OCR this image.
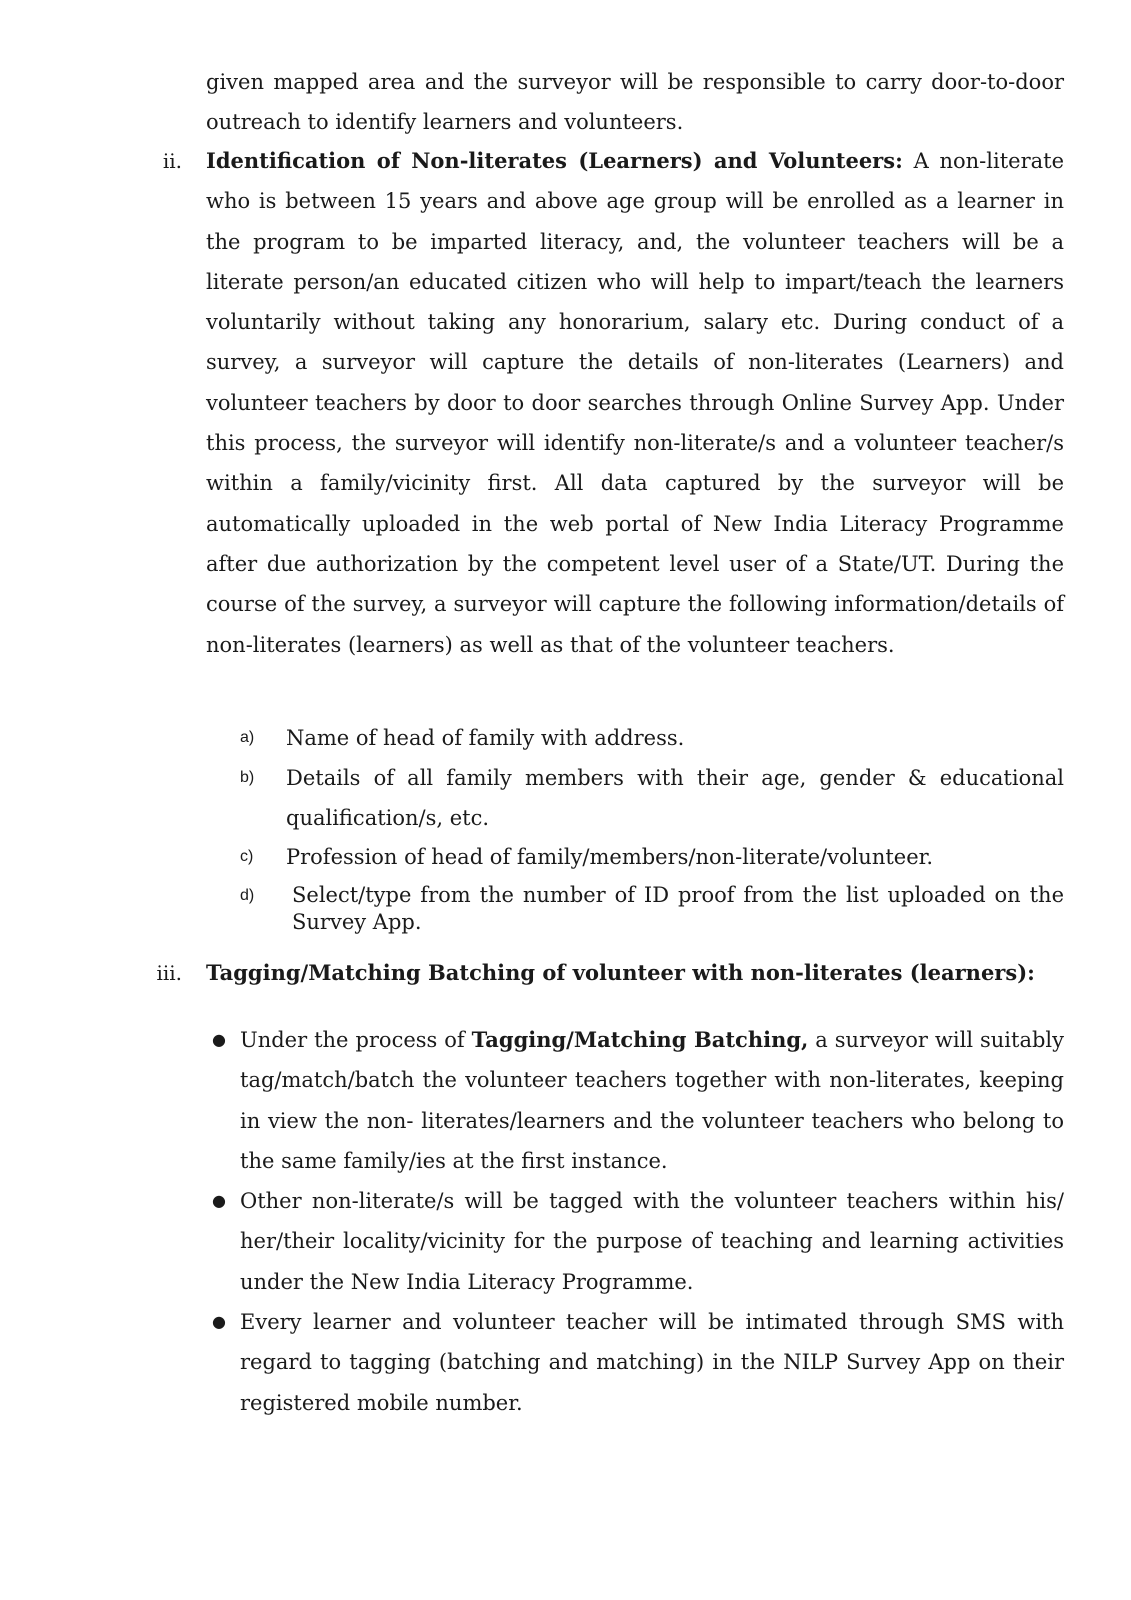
given mapped area and the surveyor will be responsible to carry door-to-door outreach to identify learners and volunteers.

ii. Identification of Non-literates (Learners) and Volunteers: A non-literate who is between 15 years and above age group will be enrolled as a learner in the program to be imparted literacy, and, the volunteer teachers will be a literate person/an educated citizen who will help to impart/teach the learners voluntarily without taking any honorarium, salary etc. During conduct of a survey, a surveyor will capture the details of non-literates (Learners) and volunteer teachers by door to door searches through Online Survey App. Under this process, the surveyor will identify non-literate/s and a volunteer teacher/s within a family/vicinity first. All data captured by the surveyor will be automatically uploaded in the web portal of New India Literacy Programme after due authorization by the competent level user of a State/UT. During the course of the survey, a surveyor will capture the following information/details of non-literates (learners) as well as that of the volunteer teachers.

a) Name of head of family with address.

b) Details of all family members with their age, gender & educational qualification/s, etc.

c) Profession of head of family/members/non-literate/volunteer.

d) Select/type from the number of ID proof from the list uploaded on the Survey App.

iii. Tagging/Matching Batching of volunteer with non-literates (learners):

● Under the process of Tagging/Matching Batching, a surveyor will suitably tag/match/batch the volunteer teachers together with non-literates, keeping in view the non- literates/learners and the volunteer teachers who belong to the same family/ies at the first instance.

● Other non-literate/s will be tagged with the volunteer teachers within his/ her/their locality/vicinity for the purpose of teaching and learning activities under the New India Literacy Programme.

● Every learner and volunteer teacher will be intimated through SMS with regard to tagging (batching and matching) in the NILP Survey App on their registered mobile number.
